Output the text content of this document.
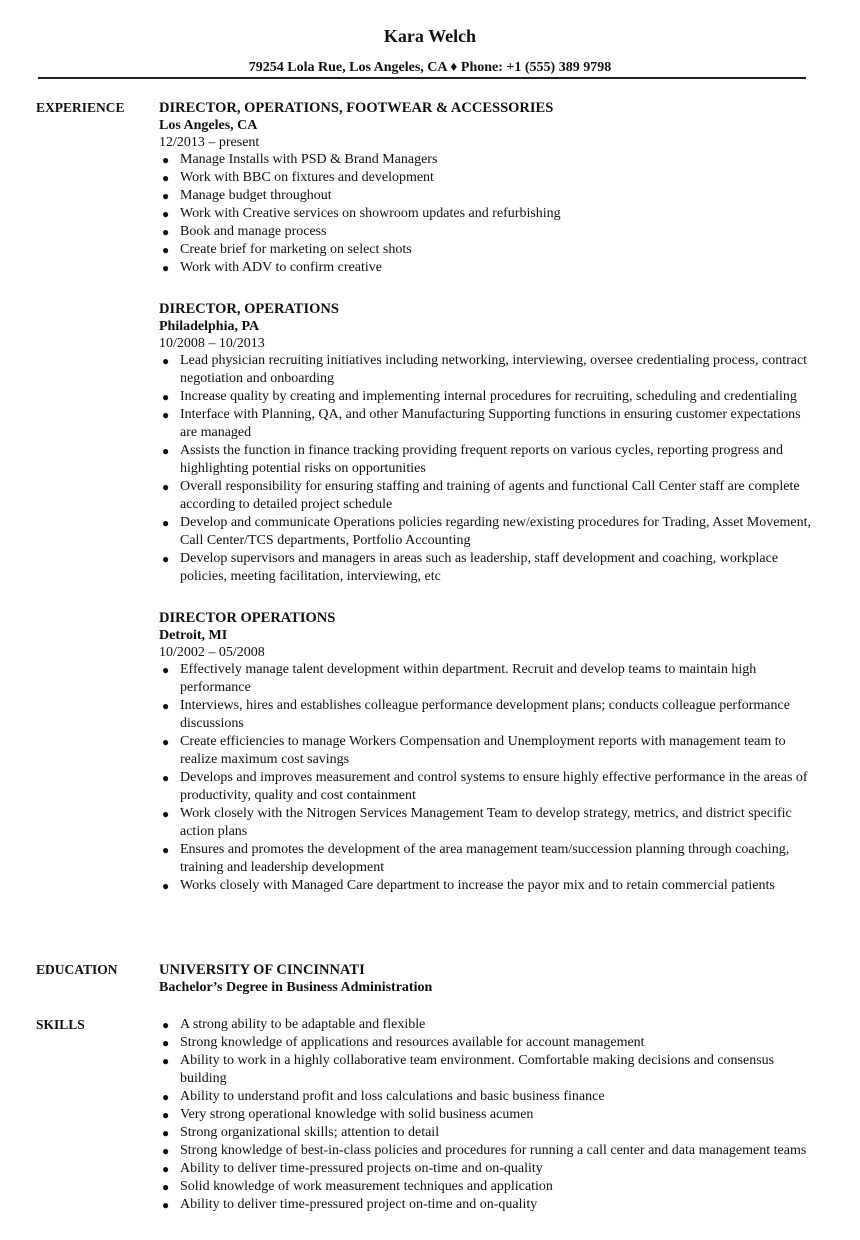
Kara Welch
79254 Lola Rue, Los Angeles, CA ♦ Phone: +1 (555) 389 9798
EXPERIENCE DIRECTOR, OPERATIONS, FOOTWEAR & ACCESSORIES
Los Angeles, CA
12/2013 – present
● Manage Installs with PSD & Brand Managers
● Work with BBC on fixtures and development
● Manage budget throughout
● Work with Creative services on showroom updates and refurbishing
● Book and manage process
● Create brief for marketing on select shots
● Work with ADV to confirm creative
DIRECTOR, OPERATIONS
Philadelphia, PA
10/2008 – 10/2013
● Lead physician recruiting initiatives including networking, interviewing, oversee credentialing process, contract negotiation and onboarding
● Increase quality by creating and implementing internal procedures for recruiting, scheduling and credentialing
● Interface with Planning, QA, and other Manufacturing Supporting functions in ensuring customer expectations are managed
● Assists the function in finance tracking providing frequent reports on various cycles, reporting progress and highlighting potential risks on opportunities
● Overall responsibility for ensuring staffing and training of agents and functional Call Center staff are complete according to detailed project schedule
● Develop and communicate Operations policies regarding new/existing procedures for Trading, Asset Movement, Call Center/TCS departments, Portfolio Accounting
● Develop supervisors and managers in areas such as leadership, staff development and coaching, workplace policies, meeting facilitation, interviewing, etc
DIRECTOR OPERATIONS
Detroit, MI
10/2002 – 05/2008
● Effectively manage talent development within department. Recruit and develop teams to maintain high performance
● Interviews, hires and establishes colleague performance development plans; conducts colleague performance discussions
● Create efficiencies to manage Workers Compensation and Unemployment reports with management team to realize maximum cost savings
● Develops and improves measurement and control systems to ensure highly effective performance in the areas of productivity, quality and cost containment
● Work closely with the Nitrogen Services Management Team to develop strategy, metrics, and district specific action plans
● Ensures and promotes the development of the area management team/succession planning through coaching, training and leadership development
● Works closely with Managed Care department to increase the payor mix and to retain commercial patients
EDUCATION	UNIVERSITY OF CINCINNATI
Bachelor’s Degree in Business Administration
SKILLS	● A strong ability to be adaptable and flexible
● Strong knowledge of applications and resources available for account management
● Ability to work in a highly collaborative team environment. Comfortable making decisions and consensus building
● Ability to understand profit and loss calculations and basic business finance
● Very strong operational knowledge with solid business acumen
● Strong organizational skills; attention to detail
● Strong knowledge of best-in-class policies and procedures for running a call center and data management teams
● Ability to deliver time-pressured projects on-time and on-quality
● Solid knowledge of work measurement techniques and application
● Ability to deliver time-pressured project on-time and on-quality
